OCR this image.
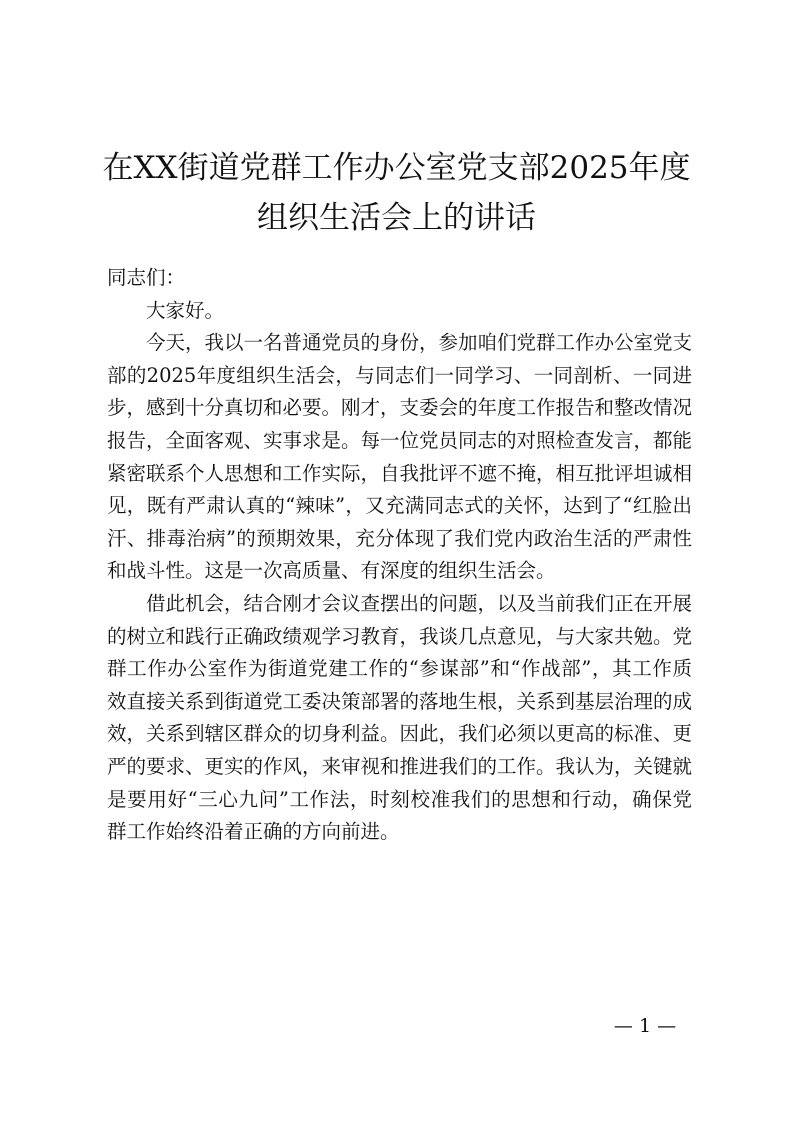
在XX街道党群工作办公室党支部2025年度
组织生活会上的讲话

同志们：

大家好。

今天，我以一名普通党员的身份，参加咱们党群工作办公室党支部的2025年度组织生活会，与同志们一同学习、一同剖析、一同进步，感到十分真切和必要。刚才，支委会的年度工作报告和整改情况报告，全面客观、实事求是。每一位党员同志的对照检查发言，都能紧密联系个人思想和工作实际，自我批评不遮不掩，相互批评坦诚相见，既有严肃认真的“辣味”，又充满同志式的关怀，达到了“红脸出汗、排毒治病”的预期效果，充分体现了我们党内政治生活的严肃性和战斗性。这是一次高质量、有深度的组织生活会。

借此机会，结合刚才会议查摆出的问题，以及当前我们正在开展的树立和践行正确政绩观学习教育，我谈几点意见，与大家共勉。党群工作办公室作为街道党建工作的“参谋部”和“作战部”，其工作质效直接关系到街道党工委决策部署的落地生根，关系到基层治理的成效，关系到辖区群众的切身利益。因此，我们必须以更高的标准、更严的要求、更实的作风，来审视和推进我们的工作。我认为，关键就是要用好“三心九问”工作法，时刻校准我们的思想和行动，确保党群工作始终沿着正确的方向前进。

— 1 —
